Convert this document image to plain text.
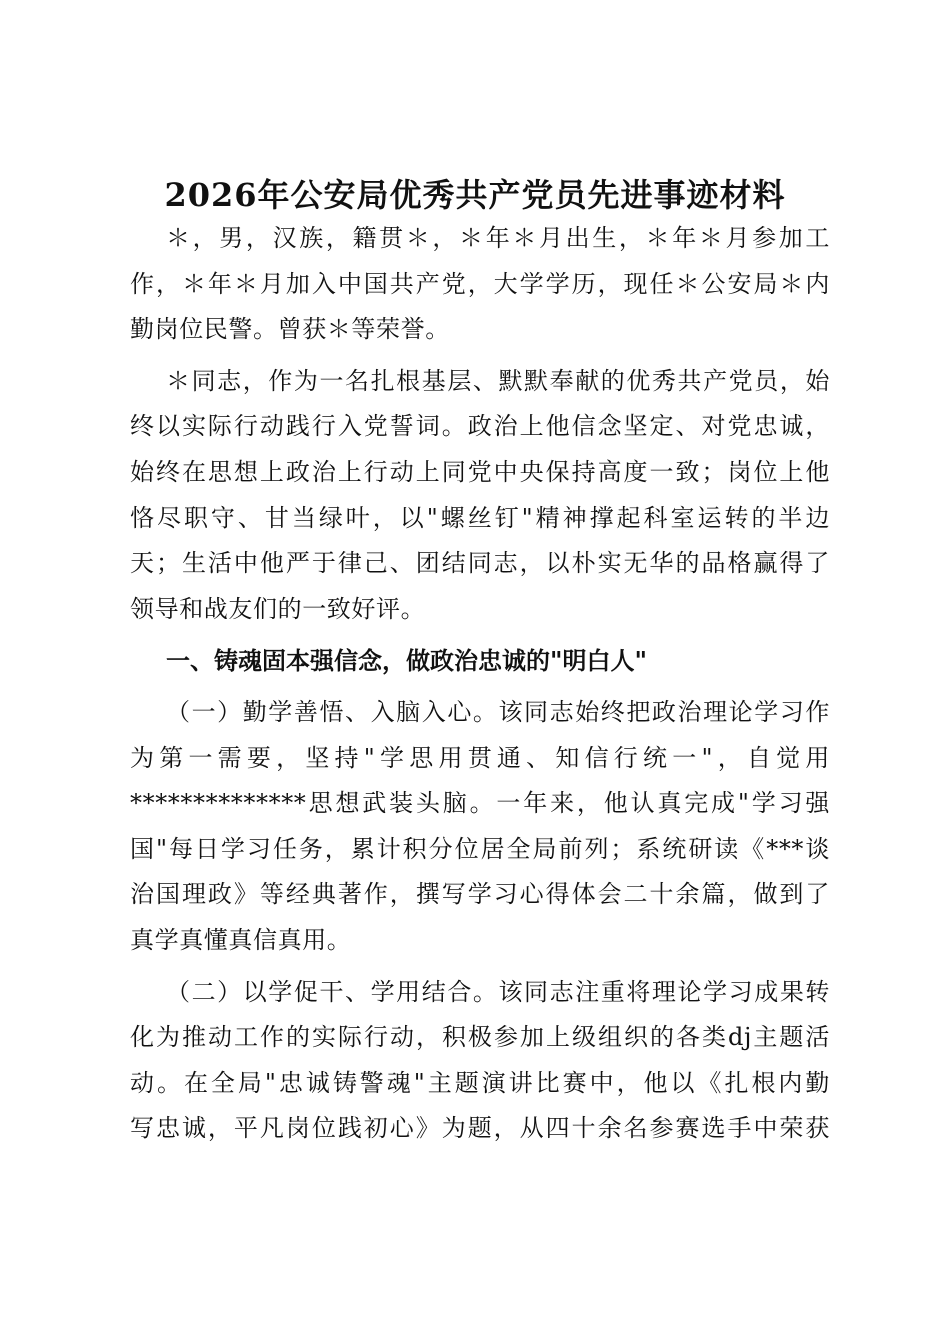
2026年公安局优秀共产党员先进事迹材料
＊，男，汉族，籍贯＊，＊年＊月出生，＊年＊月参加工
作，＊年＊月加入中国共产党，大学学历，现任＊公安局＊内
勤岗位民警。曾获＊等荣誉。
＊同志，作为一名扎根基层、默默奉献的优秀共产党员，始
终以实际行动践行入党誓词。政治上他信念坚定、对党忠诚，
始终在思想上政治上行动上同党中央保持高度一致；岗位上他
恪尽职守、甘当绿叶，以"螺丝钉"精神撑起科室运转的半边
天；生活中他严于律己、团结同志，以朴实无华的品格赢得了
领导和战友们的一致好评。
一、铸魂固本强信念，做政治忠诚的"明白人"
（一）勤学善悟、入脑入心。该同志始终把政治理论学习作
为第一需要，坚持"学思用贯通、知信行统一"，自觉用
**************思想武装头脑。一年来，他认真完成"学习强
国"每日学习任务，累计积分位居全局前列；系统研读《***谈
治国理政》等经典著作，撰写学习心得体会二十余篇，做到了
真学真懂真信真用。
（二）以学促干、学用结合。该同志注重将理论学习成果转
化为推动工作的实际行动，积极参加上级组织的各类dj主题活
动。在全局"忠诚铸警魂"主题演讲比赛中，他以《扎根内勤
写忠诚，平凡岗位践初心》为题，从四十余名参赛选手中荣获
